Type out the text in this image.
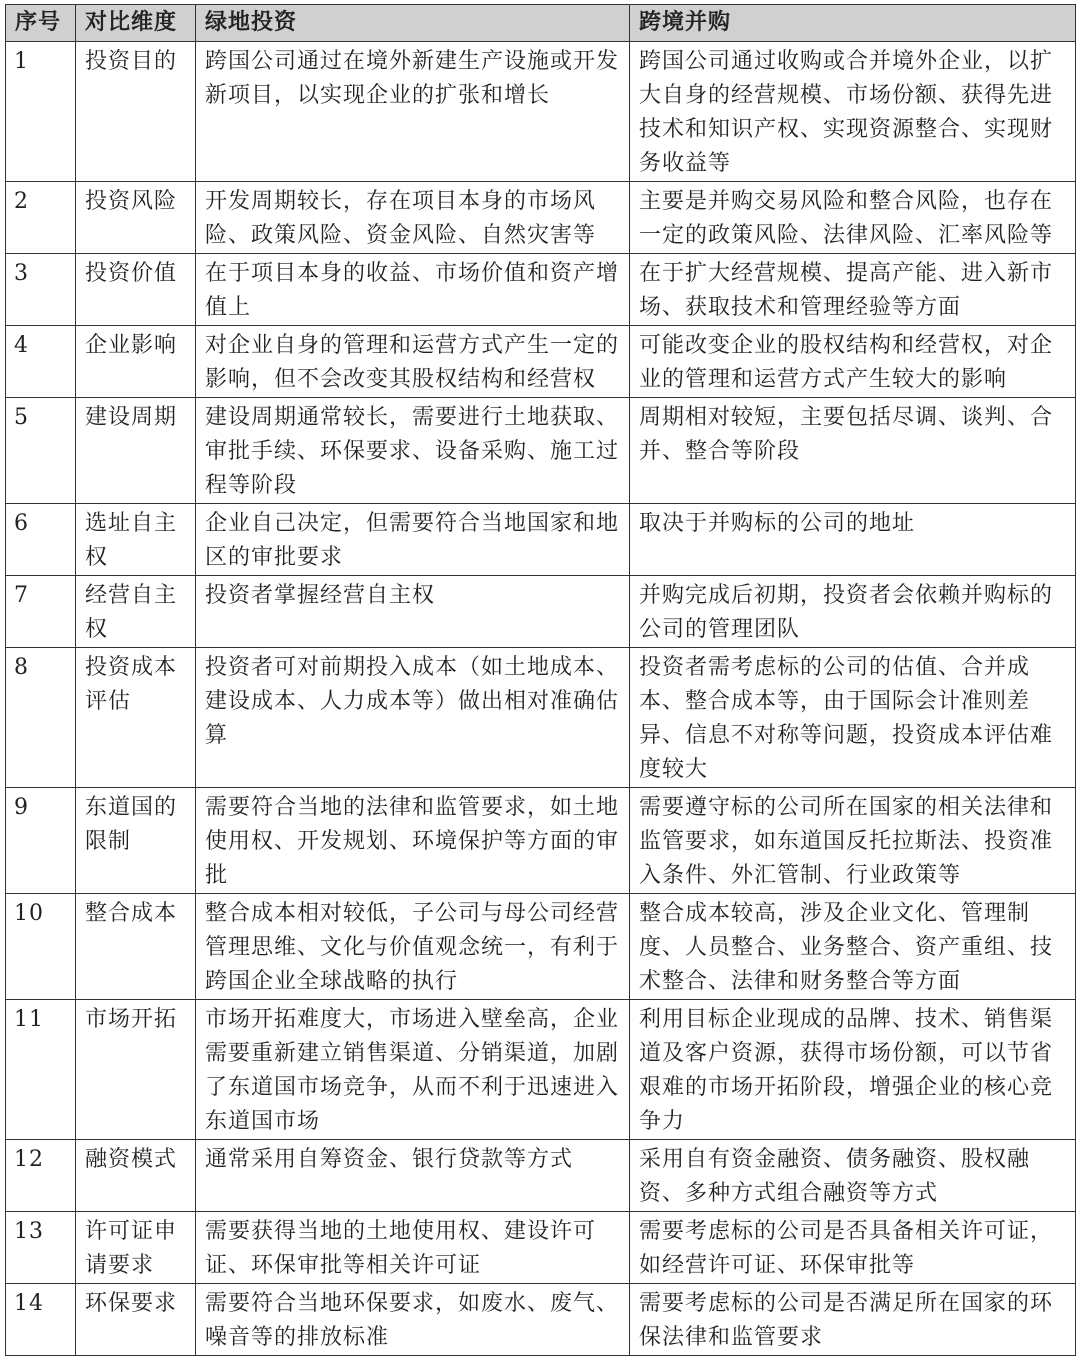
序号	对比维度	绿地投资	跨境并购
1	投资目的	跨国公司通过在境外新建生产设施或开发新项目，以实现企业的扩张和增长	跨国公司通过收购或合并境外企业，以扩大自身的经营规模、市场份额、获得先进技术和知识产权、实现资源整合、实现财务收益等
2	投资风险	开发周期较长，存在项目本身的市场风险、政策风险、资金风险、自然灾害等	主要是并购交易风险和整合风险，也存在一定的政策风险、法律风险、汇率风险等
3	投资价值	在于项目本身的收益、市场价值和资产增值上	在于扩大经营规模、提高产能、进入新市场、获取技术和管理经验等方面
4	企业影响	对企业自身的管理和运营方式产生一定的影响，但不会改变其股权结构和经营权	可能改变企业的股权结构和经营权，对企业的管理和运营方式产生较大的影响
5	建设周期	建设周期通常较长，需要进行土地获取、审批手续、环保要求、设备采购、施工过程等阶段	周期相对较短，主要包括尽调、谈判、合并、整合等阶段
6	选址自主权	企业自己决定，但需要符合当地国家和地区的审批要求	取决于并购标的公司的地址
7	经营自主权	投资者掌握经营自主权	并购完成后初期，投资者会依赖并购标的公司的管理团队
8	投资成本评估	投资者可对前期投入成本（如土地成本、建设成本、人力成本等）做出相对准确估算	投资者需考虑标的公司的估值、合并成本、整合成本等，由于国际会计准则差异、信息不对称等问题，投资成本评估难度较大
9	东道国的限制	需要符合当地的法律和监管要求，如土地使用权、开发规划、环境保护等方面的审批	需要遵守标的公司所在国家的相关法律和监管要求，如东道国反托拉斯法、投资准入条件、外汇管制、行业政策等
10	整合成本	整合成本相对较低，子公司与母公司经营管理思维、文化与价值观念统一，有利于跨国企业全球战略的执行	整合成本较高，涉及企业文化、管理制度、人员整合、业务整合、资产重组、技术整合、法律和财务整合等方面
11	市场开拓	市场开拓难度大，市场进入壁垒高，企业需要重新建立销售渠道、分销渠道，加剧了东道国市场竞争，从而不利于迅速进入东道国市场	利用目标企业现成的品牌、技术、销售渠道及客户资源，获得市场份额，可以节省艰难的市场开拓阶段，增强企业的核心竞争力
12	融资模式	通常采用自筹资金、银行贷款等方式	采用自有资金融资、债务融资、股权融资、多种方式组合融资等方式
13	许可证申请要求	需要获得当地的土地使用权、建设许可证、环保审批等相关许可证	需要考虑标的公司是否具备相关许可证，如经营许可证、环保审批等
14	环保要求	需要符合当地环保要求，如废水、废气、噪音等的排放标准	需要考虑标的公司是否满足所在国家的环保法律和监管要求
